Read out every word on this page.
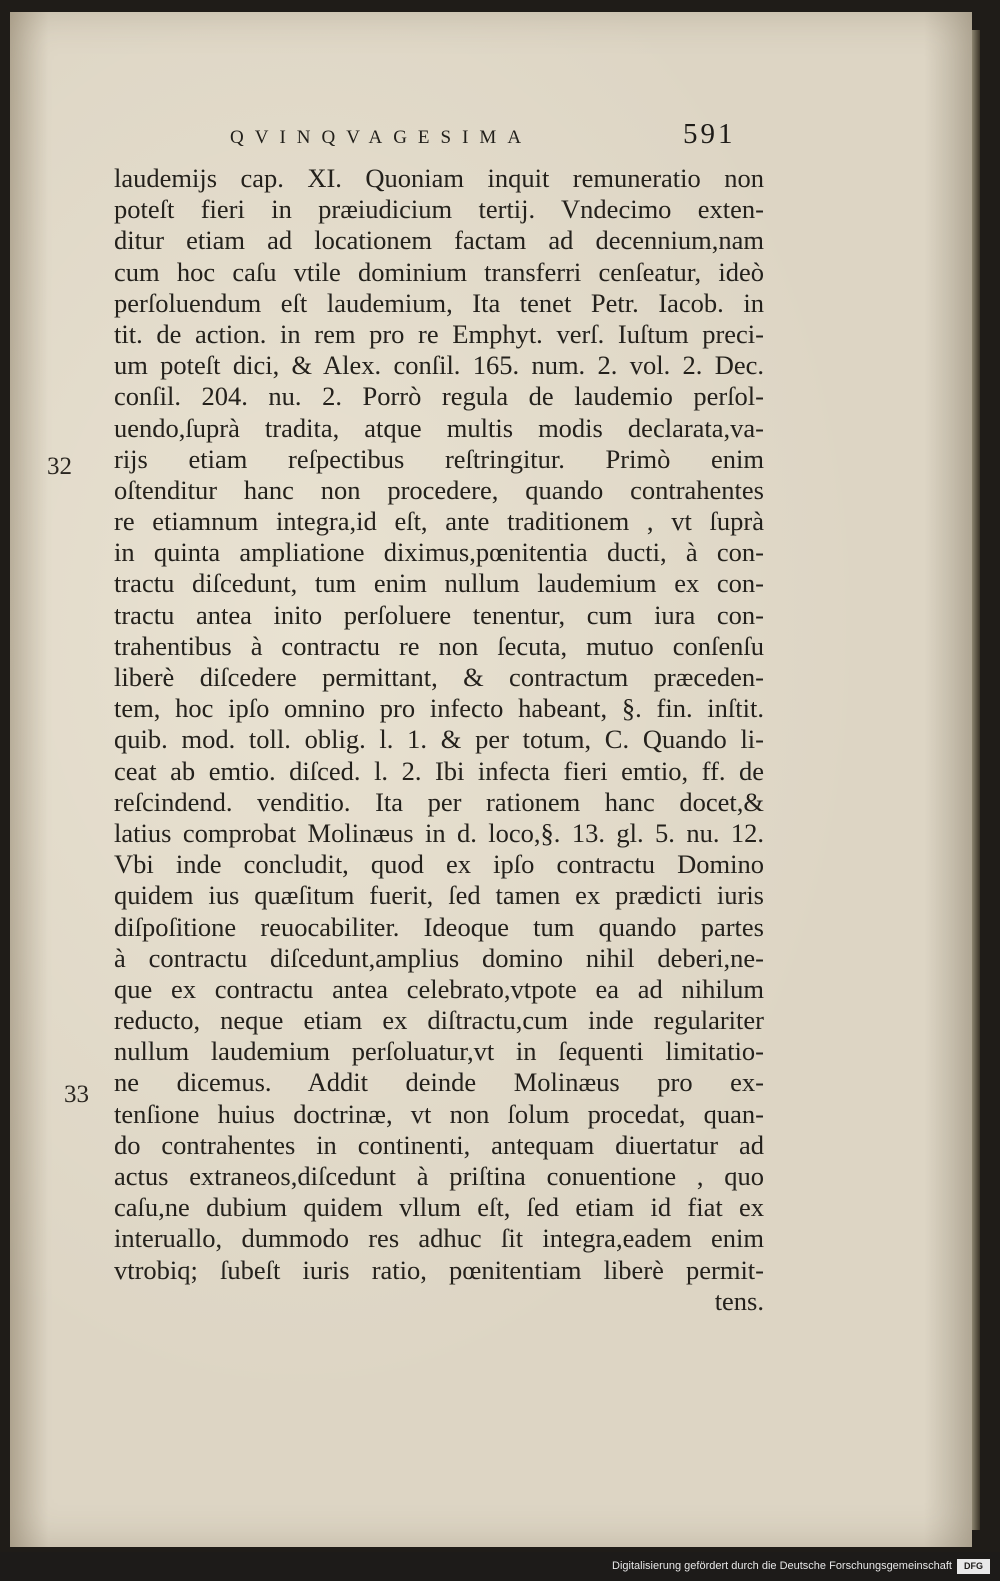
QVINQVAGESIMA	591
32
33
laudemijs cap. XI. Quoniam inquit remuneratio non
poteſt fieri in præiudicium tertij. Vndecimo exten-
ditur etiam ad locationem factam ad decennium,nam
cum hoc caſu vtile dominium transferri cenſeatur, ideò
perſoluendum eſt laudemium, Ita tenet Petr. Iacob. in
tit. de action. in rem pro re Emphyt. verſ. Iuſtum preci-
um poteſt dici, & Alex. conſil. 165. num. 2. vol. 2. Dec.
conſil. 204. nu. 2. Porrò regula de laudemio perſol-
uendo,ſuprà tradita, atque multis modis declarata,va-
rijs etiam reſpectibus reſtringitur. Primò enim
oſtenditur hanc non procedere, quando contrahentes
re etiamnum integra,id eſt, ante traditionem , vt ſuprà
in quinta ampliatione diximus,pœnitentia ducti, à con-
tractu diſcedunt, tum enim nullum laudemium ex con-
tractu antea inito perſoluere tenentur, cum iura con-
trahentibus à contractu re non ſecuta, mutuo conſenſu
liberè diſcedere permittant, & contractum præceden-
tem, hoc ipſo omnino pro infecto habeant, §. fin. inſtit.
quib. mod. toll. oblig. l. 1. & per totum, C. Quando li-
ceat ab emtio. diſced. l. 2. Ibi infecta fieri emtio, ff. de
reſcindend. venditio. Ita per rationem hanc docet,&
latius comprobat Molinæus in d. loco,§. 13. gl. 5. nu. 12.
Vbi inde concludit, quod ex ipſo contractu Domino
quidem ius quæſitum fuerit, ſed tamen ex prædicti iuris
diſpoſitione reuocabiliter. Ideoque tum quando partes
à contractu diſcedunt,amplius domino nihil deberi,ne-
que ex contractu antea celebrato,vtpote ea ad nihilum
reducto, neque etiam ex diſtractu,cum inde regulariter
nullum laudemium perſoluatur,vt in ſequenti limitatio-
ne dicemus. Addit deinde Molinæus pro ex-
tenſione huius doctrinæ, vt non ſolum procedat, quan-
do contrahentes in continenti, antequam diuertatur ad
actus extraneos,diſcedunt à priſtina conuentione , quo
caſu,ne dubium quidem vllum eſt, ſed etiam id fiat ex
interuallo, dummodo res adhuc ſit integra,eadem enim
vtrobiq; ſubeſt iuris ratio, pœnitentiam liberè permit-
tens.
Digitalisierung gefördert durch die Deutsche Forschungsgemeinschaft	DFG
